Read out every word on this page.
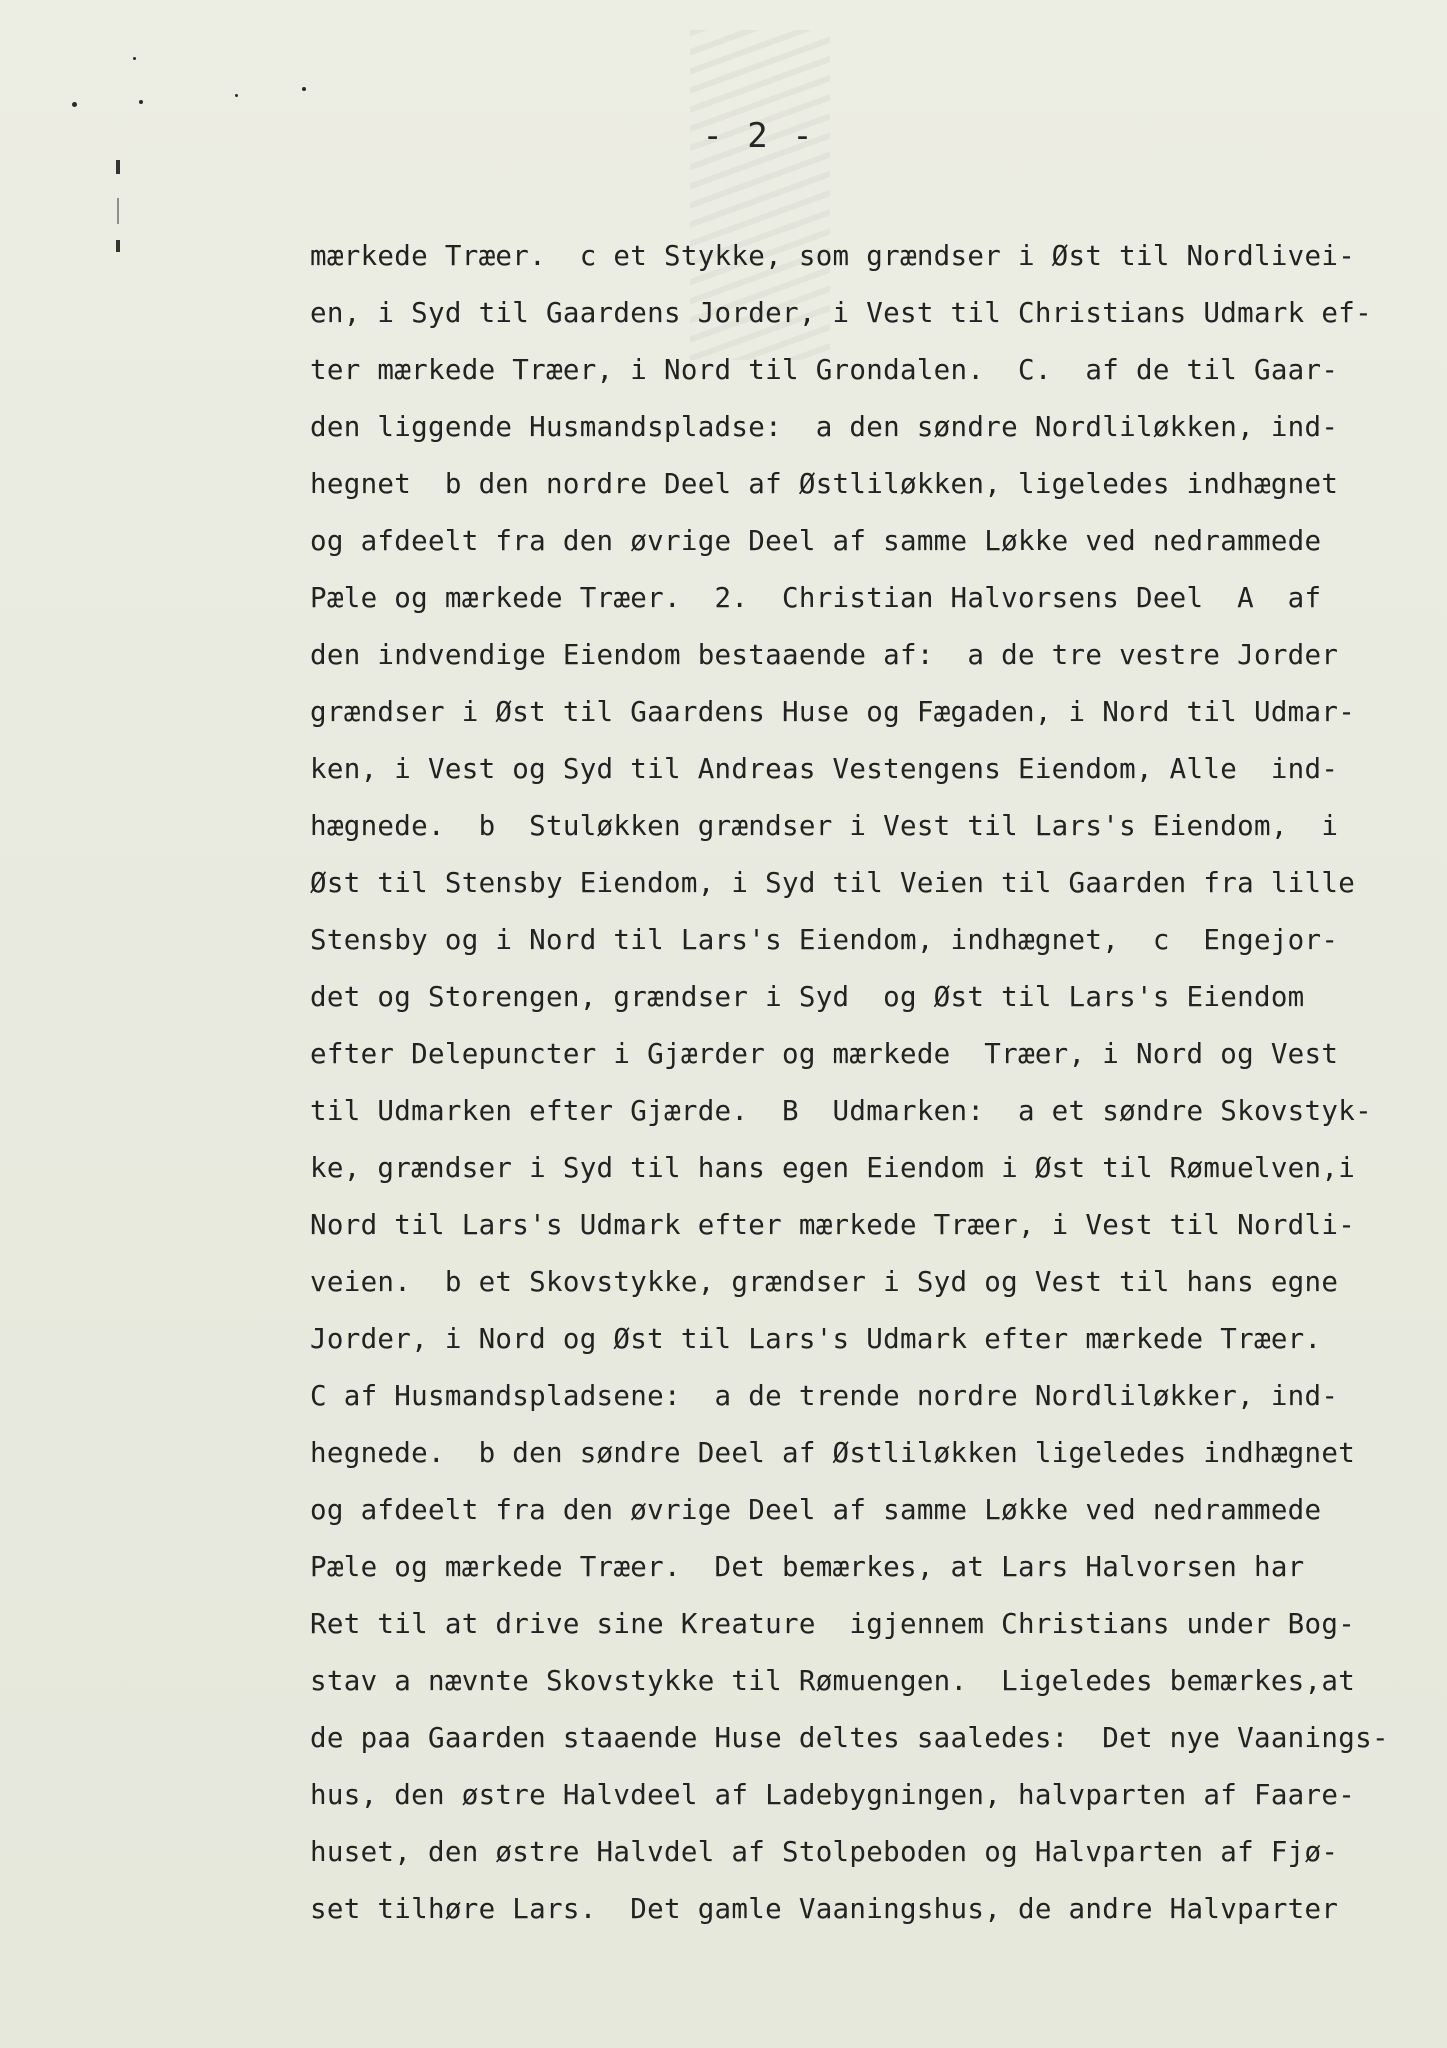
- 2 -
mærkede Træer.  c et Stykke, som grændser i Øst til Nordlivei-
en, i Syd til Gaardens Jorder, i Vest til Christians Udmark ef-
ter mærkede Træer, i Nord til Grondalen.  C.  af de til Gaar-
den liggende Husmandspladse:  a den søndre Nordliløkken, ind-
hegnet  b den nordre Deel af Østliløkken, ligeledes indhægnet
og afdeelt fra den øvrige Deel af samme Løkke ved nedrammede
Pæle og mærkede Træer.  2.  Christian Halvorsens Deel  A  af
den indvendige Eiendom bestaaende af:  a de tre vestre Jorder
grændser i Øst til Gaardens Huse og Fægaden, i Nord til Udmar-
ken, i Vest og Syd til Andreas Vestengens Eiendom, Alle  ind-
hægnede.  b  Stuløkken grændser i Vest til Lars's Eiendom,  i
Øst til Stensby Eiendom, i Syd til Veien til Gaarden fra lille
Stensby og i Nord til Lars's Eiendom, indhægnet,  c  Engejor-
det og Storengen, grændser i Syd  og Øst til Lars's Eiendom
efter Delepuncter i Gjærder og mærkede  Træer, i Nord og Vest
til Udmarken efter Gjærde.  B  Udmarken:  a et søndre Skovstyk-
ke, grændser i Syd til hans egen Eiendom i Øst til Rømuelven,i
Nord til Lars's Udmark efter mærkede Træer, i Vest til Nordli-
veien.  b et Skovstykke, grændser i Syd og Vest til hans egne
Jorder, i Nord og Øst til Lars's Udmark efter mærkede Træer.
C af Husmandspladsene:  a de trende nordre Nordliløkker, ind-
hegnede.  b den søndre Deel af Østliløkken ligeledes indhægnet
og afdeelt fra den øvrige Deel af samme Løkke ved nedrammede
Pæle og mærkede Træer.  Det bemærkes, at Lars Halvorsen har
Ret til at drive sine Kreature  igjennem Christians under Bog-
stav a nævnte Skovstykke til Rømuengen.  Ligeledes bemærkes,at
de paa Gaarden staaende Huse deltes saaledes:  Det nye Vaanings-
hus, den østre Halvdeel af Ladebygningen, halvparten af Faare-
huset, den østre Halvdel af Stolpeboden og Halvparten af Fjø-
set tilhøre Lars.  Det gamle Vaaningshus, de andre Halvparter
